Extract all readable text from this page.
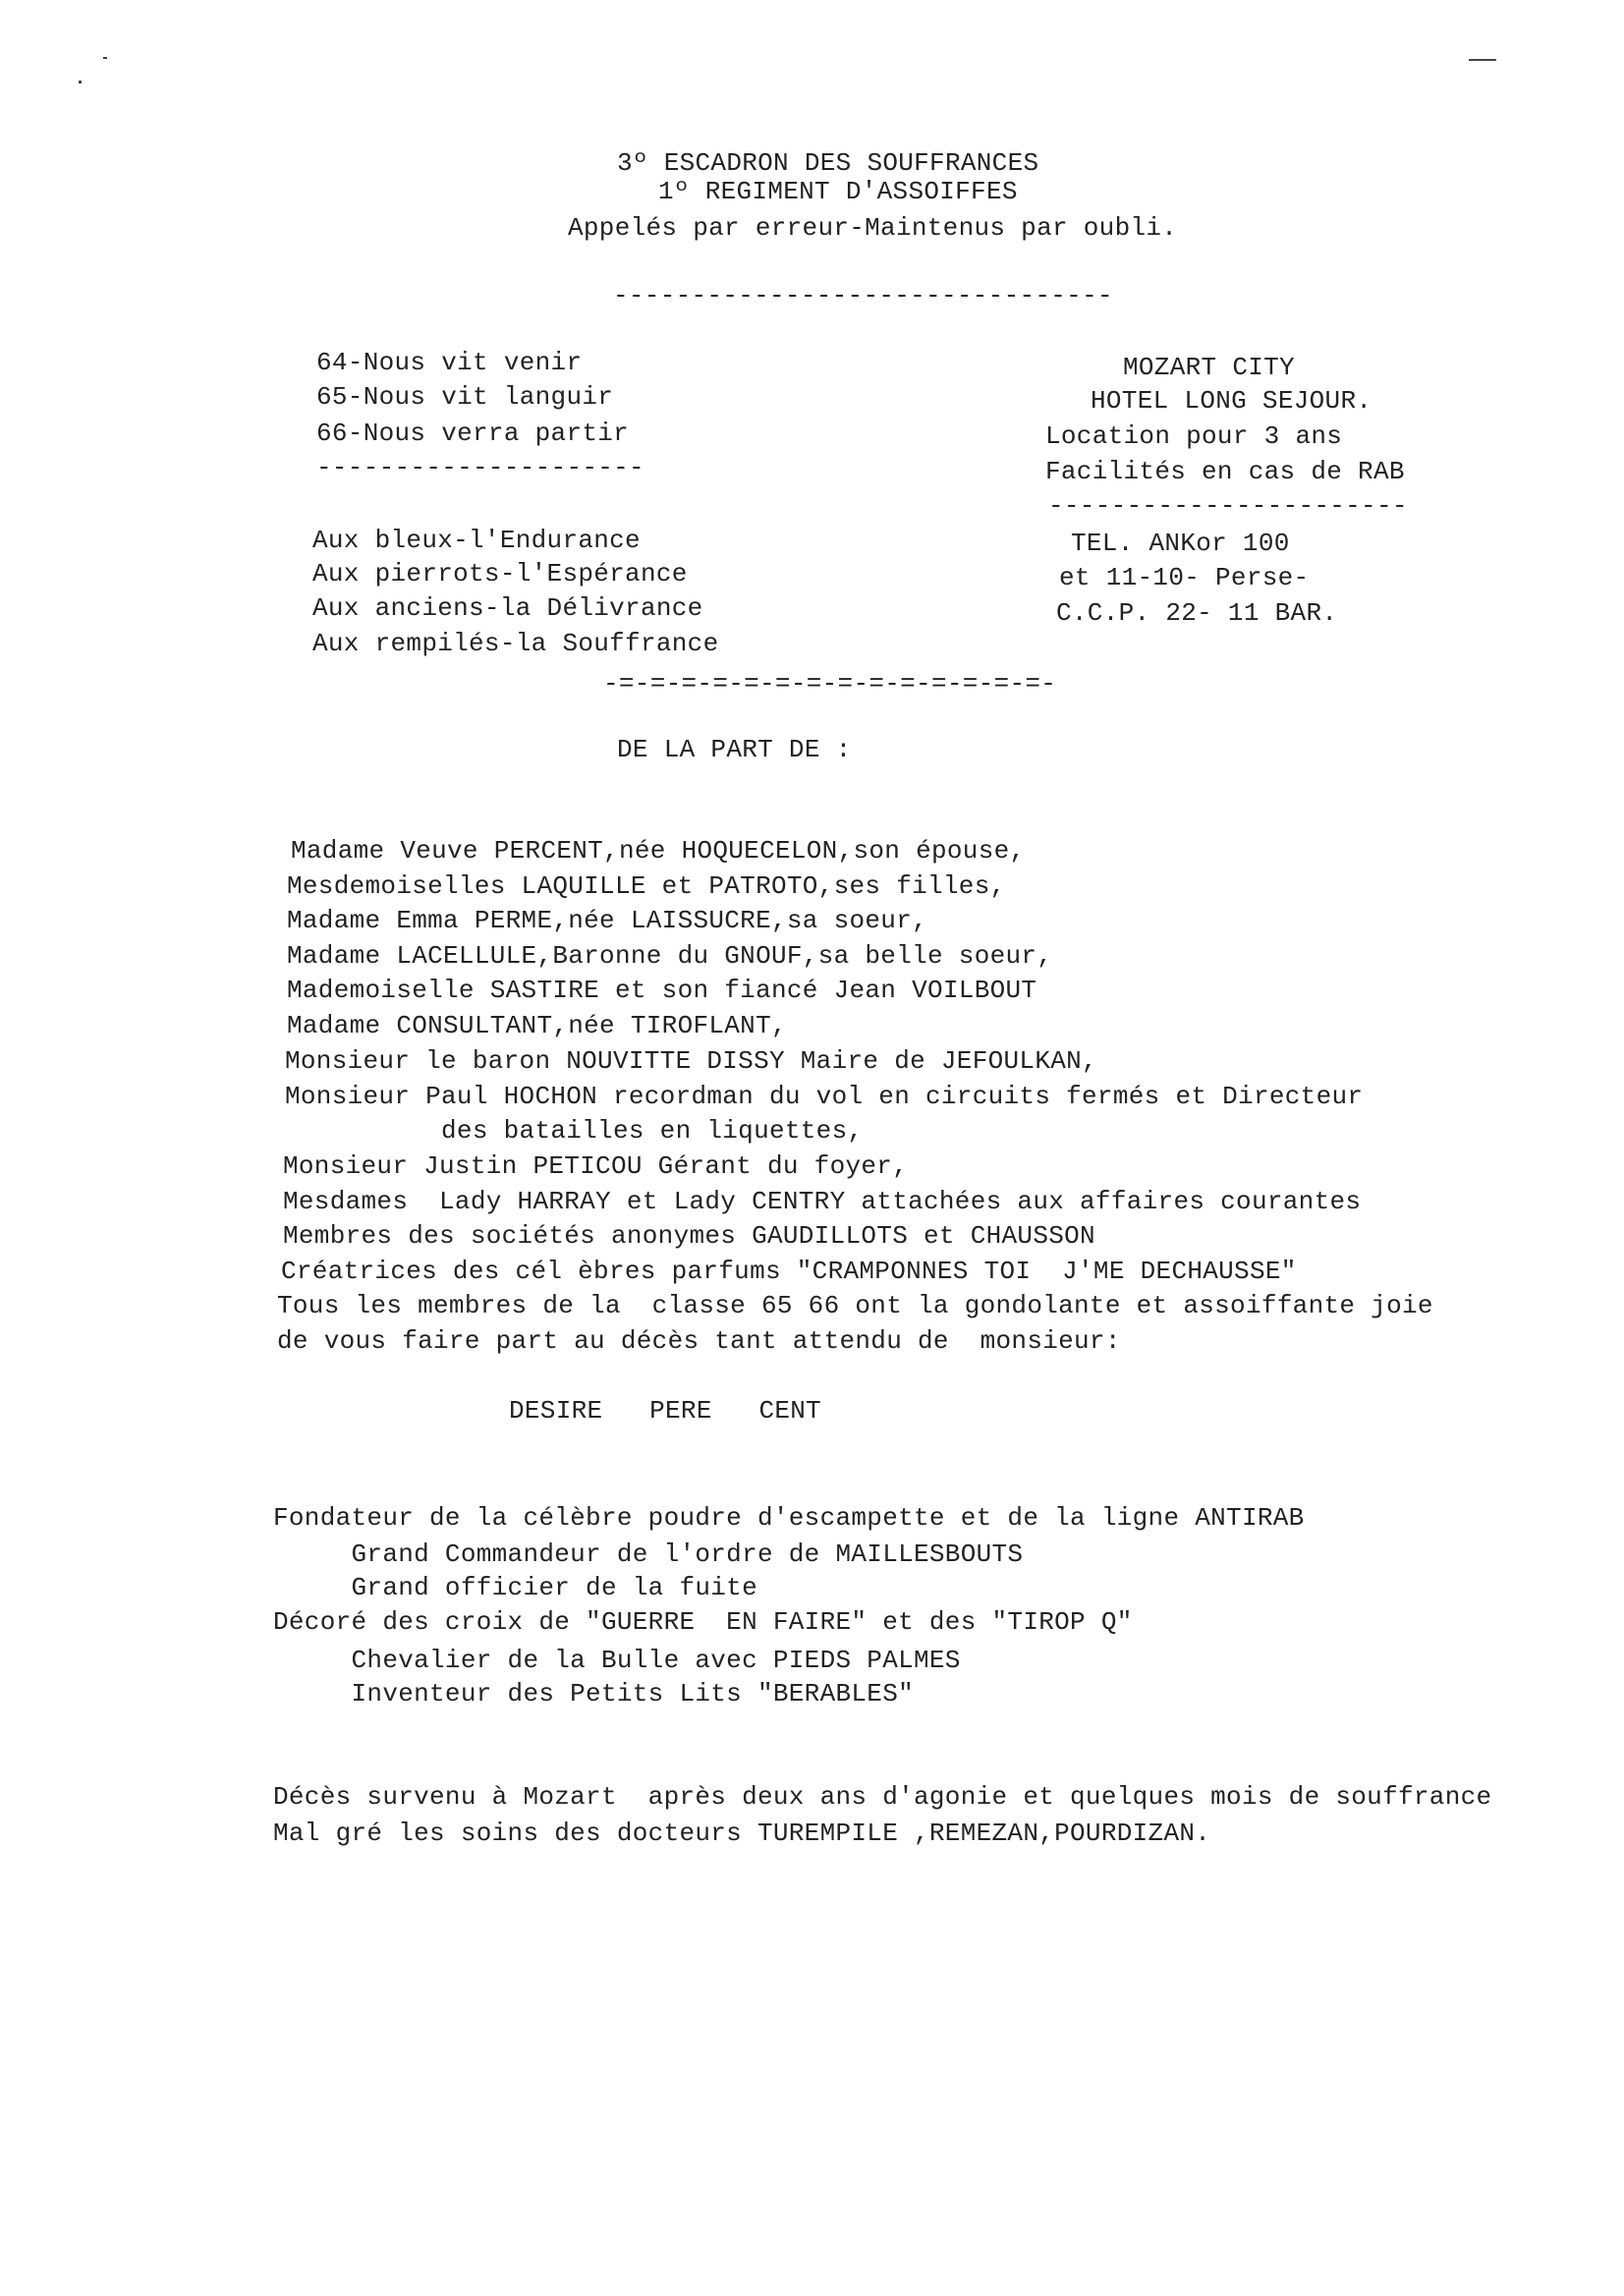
3º ESCADRON DES SOUFFRANCES

1º REGIMENT D'ASSOIFFES

Appelés par erreur-Maintenus par oubli.

--------------------------------

64-Nous vit venir

65-Nous vit languir

66-Nous verra partir

---------------------

Aux bleux-l'Endurance

Aux pierrots-l'Espérance

Aux anciens-la Délivrance

Aux rempilés-la Souffrance

MOZART CITY

HOTEL LONG SEJOUR.

Location pour 3 ans

Facilités en cas de RAB

-----------------------

TEL. ANKor 100

et 11-10- Perse-

C.C.P. 22- 11 BAR.

-=-=-=-=-=-=-=-=-=-=-=-=-=-=-

DE LA PART DE :

Madame Veuve PERCENT,née HOQUECELON,son épouse,

Mesdemoiselles LAQUILLE et PATROTO,ses filles,

Madame Emma PERME,née LAISSUCRE,sa soeur,

Madame LACELLULE,Baronne du GNOUF,sa belle soeur,

Mademoiselle SASTIRE et son fiancé Jean VOILBOUT

Madame CONSULTANT,née TIROFLANT,

Monsieur le baron NOUVITTE DISSY Maire de JEFOULKAN,

Monsieur Paul HOCHON recordman du vol en circuits fermés et Directeur

des batailles en liquettes,

Monsieur Justin PETICOU Gérant du foyer,

Mesdames  Lady HARRAY et Lady CENTRY attachées aux affaires courantes

Membres des sociétés anonymes GAUDILLOTS et CHAUSSON

Créatrices des cél èbres parfums "CRAMPONNES TOI  J'ME DECHAUSSE"

Tous les membres de la  classe 65 66 ont la gondolante et assoiffante joie

de vous faire part au décès tant attendu de  monsieur:

DESIRE   PERE   CENT

Fondateur de la célèbre poudre d'escampette et de la ligne ANTIRAB

Grand Commandeur de l'ordre de MAILLESBOUTS

Grand officier de la fuite

Décoré des croix de "GUERRE  EN FAIRE" et des "TIROP Q"

Chevalier de la Bulle avec PIEDS PALMES

Inventeur des Petits Lits "BERABLES"

Décès survenu à Mozart  après deux ans d'agonie et quelques mois de souffrance

Mal gré les soins des docteurs TUREMPILE ,REMEZAN,POURDIZAN.
